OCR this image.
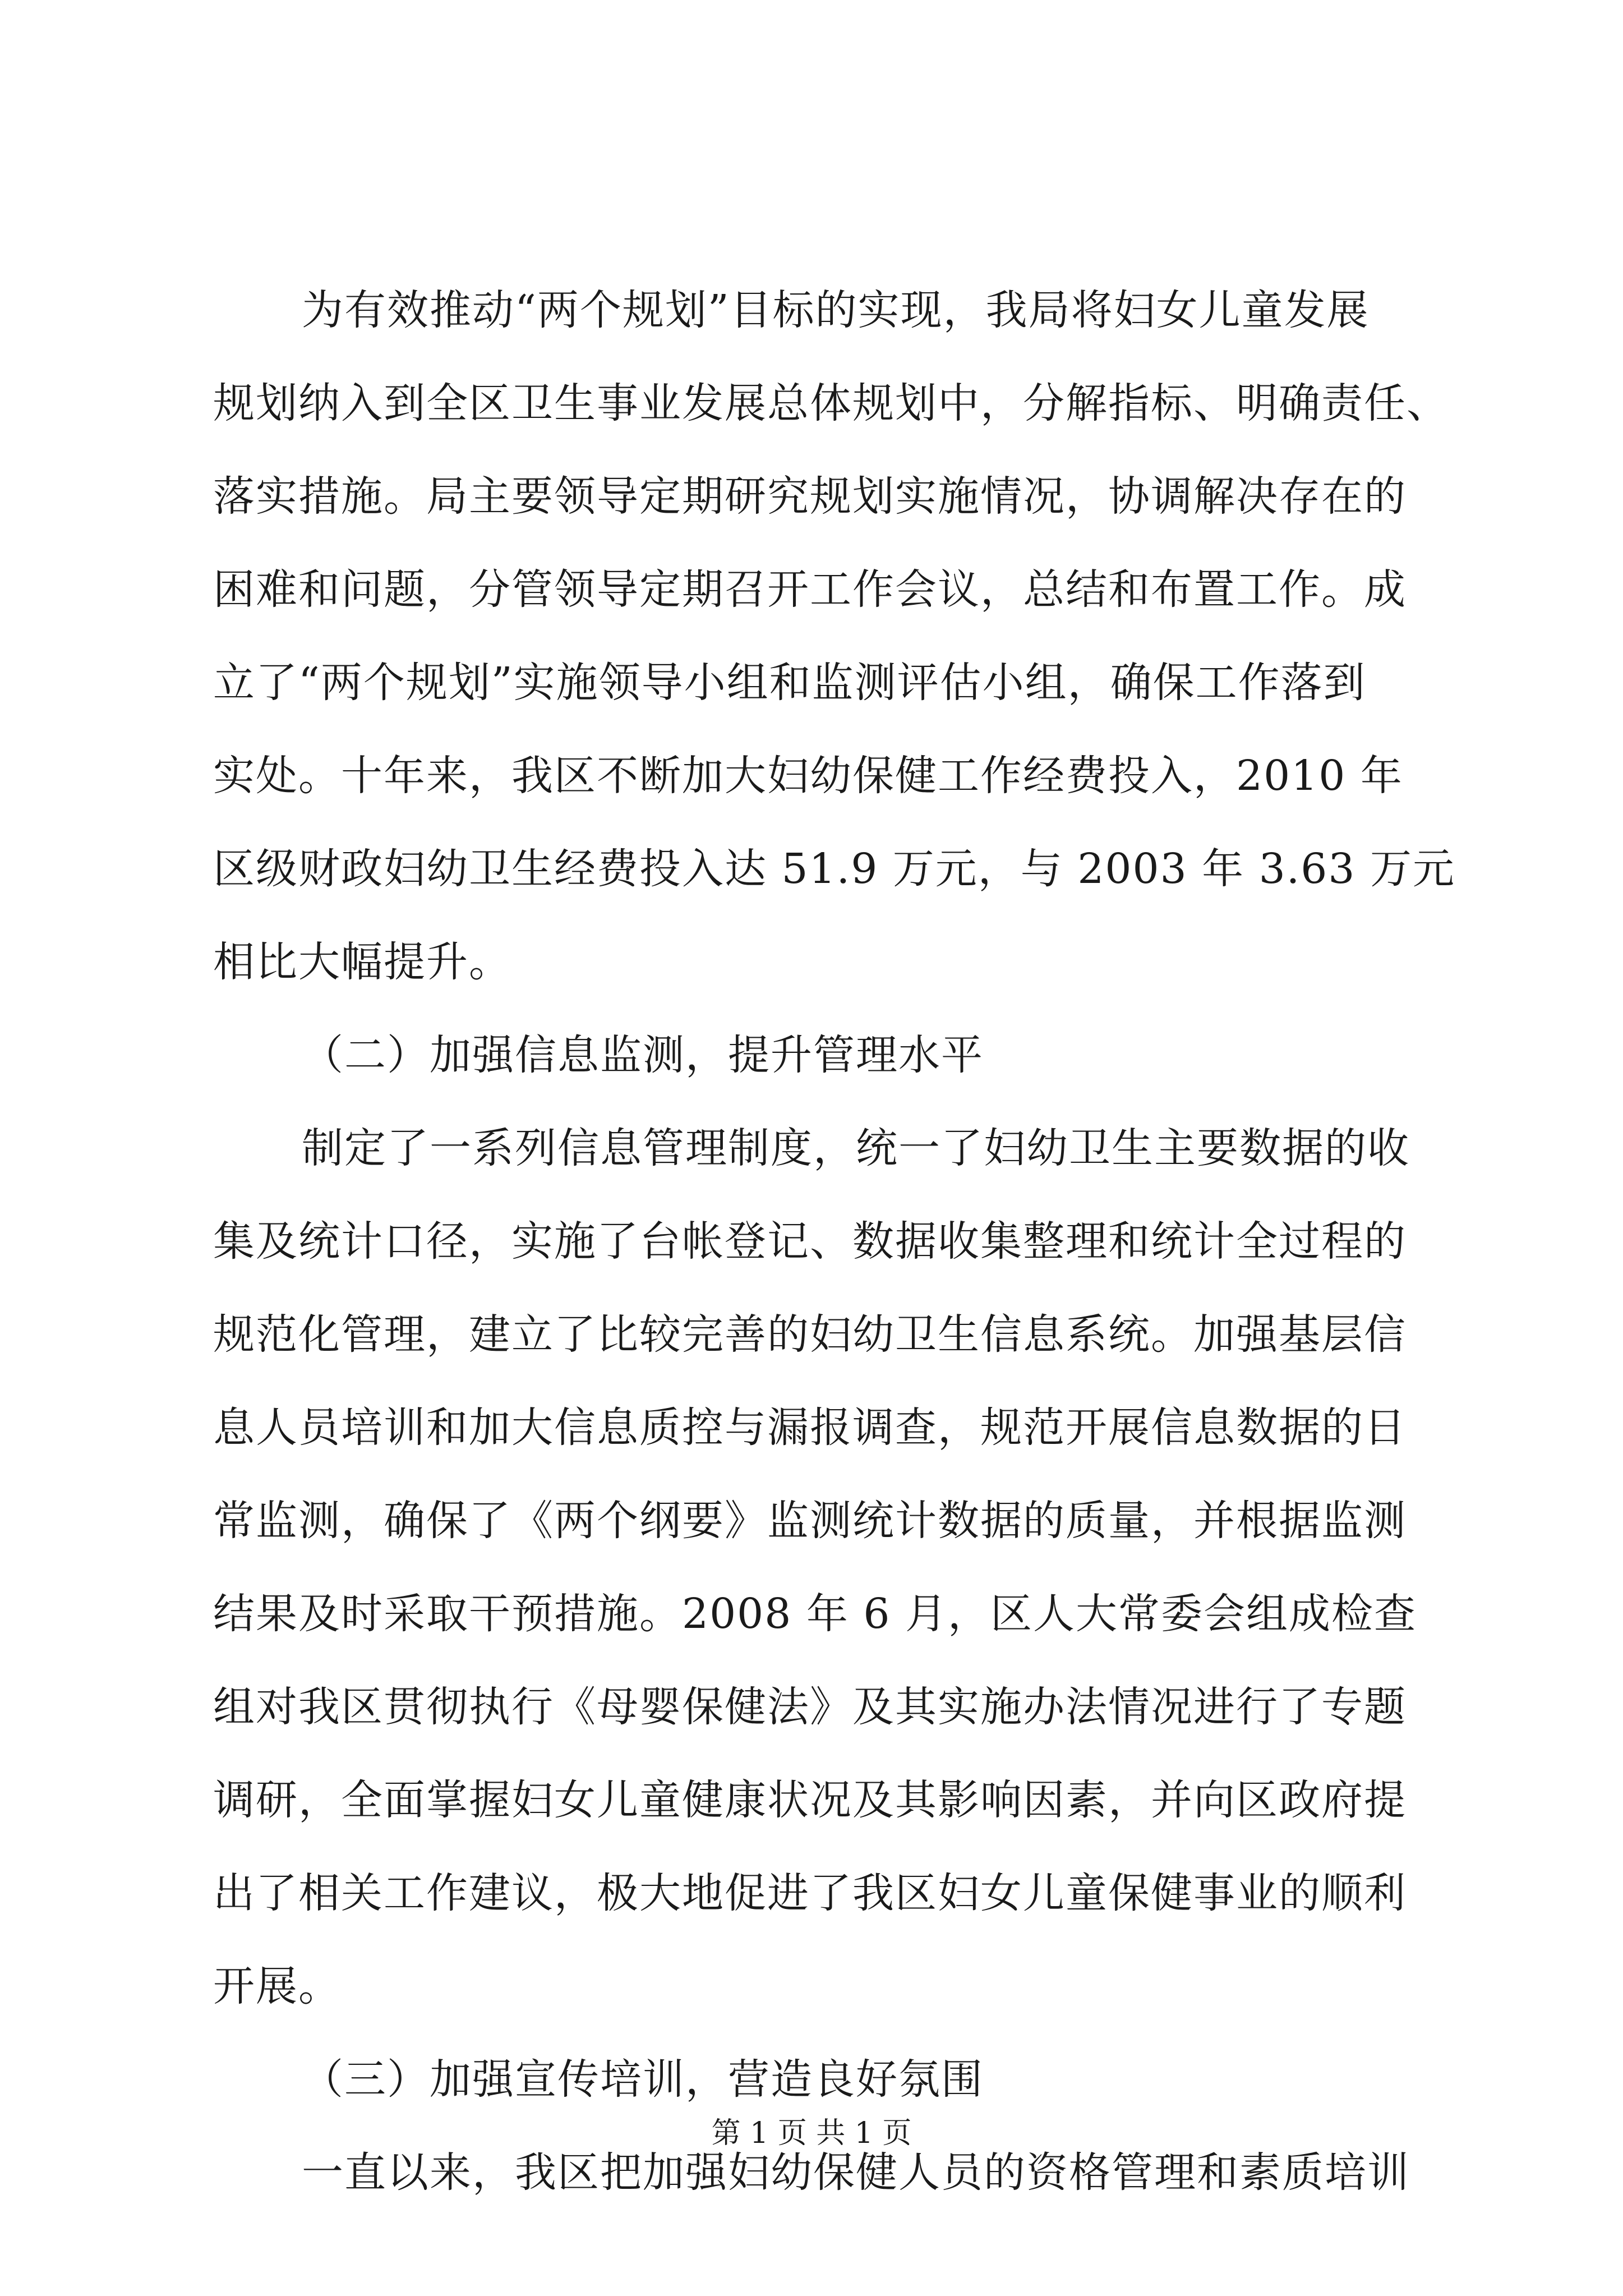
为有效推动“两个规划”目标的实现，我局将妇女儿童发展
规划纳入到全区卫生事业发展总体规划中，分解指标、明确责任、
落实措施。局主要领导定期研究规划实施情况，协调解决存在的
困难和问题，分管领导定期召开工作会议，总结和布置工作。成
立了“两个规划”实施领导小组和监测评估小组，确保工作落到
实处。十年来，我区不断加大妇幼保健工作经费投入，2010 年
区级财政妇幼卫生经费投入达 51.9 万元，与 2003 年 3.63 万元
相比大幅提升。
（二）加强信息监测，提升管理水平
制定了一系列信息管理制度，统一了妇幼卫生主要数据的收
集及统计口径，实施了台帐登记、数据收集整理和统计全过程的
规范化管理，建立了比较完善的妇幼卫生信息系统。加强基层信
息人员培训和加大信息质控与漏报调查，规范开展信息数据的日
常监测，确保了《两个纲要》监测统计数据的质量，并根据监测
结果及时采取干预措施。2008 年 6 月，区人大常委会组成检查
组对我区贯彻执行《母婴保健法》及其实施办法情况进行了专题
调研，全面掌握妇女儿童健康状况及其影响因素，并向区政府提
出了相关工作建议，极大地促进了我区妇女儿童保健事业的顺利
开展。
（三）加强宣传培训，营造良好氛围
一直以来，我区把加强妇幼保健人员的资格管理和素质培训
第 1 页 共 1 页
